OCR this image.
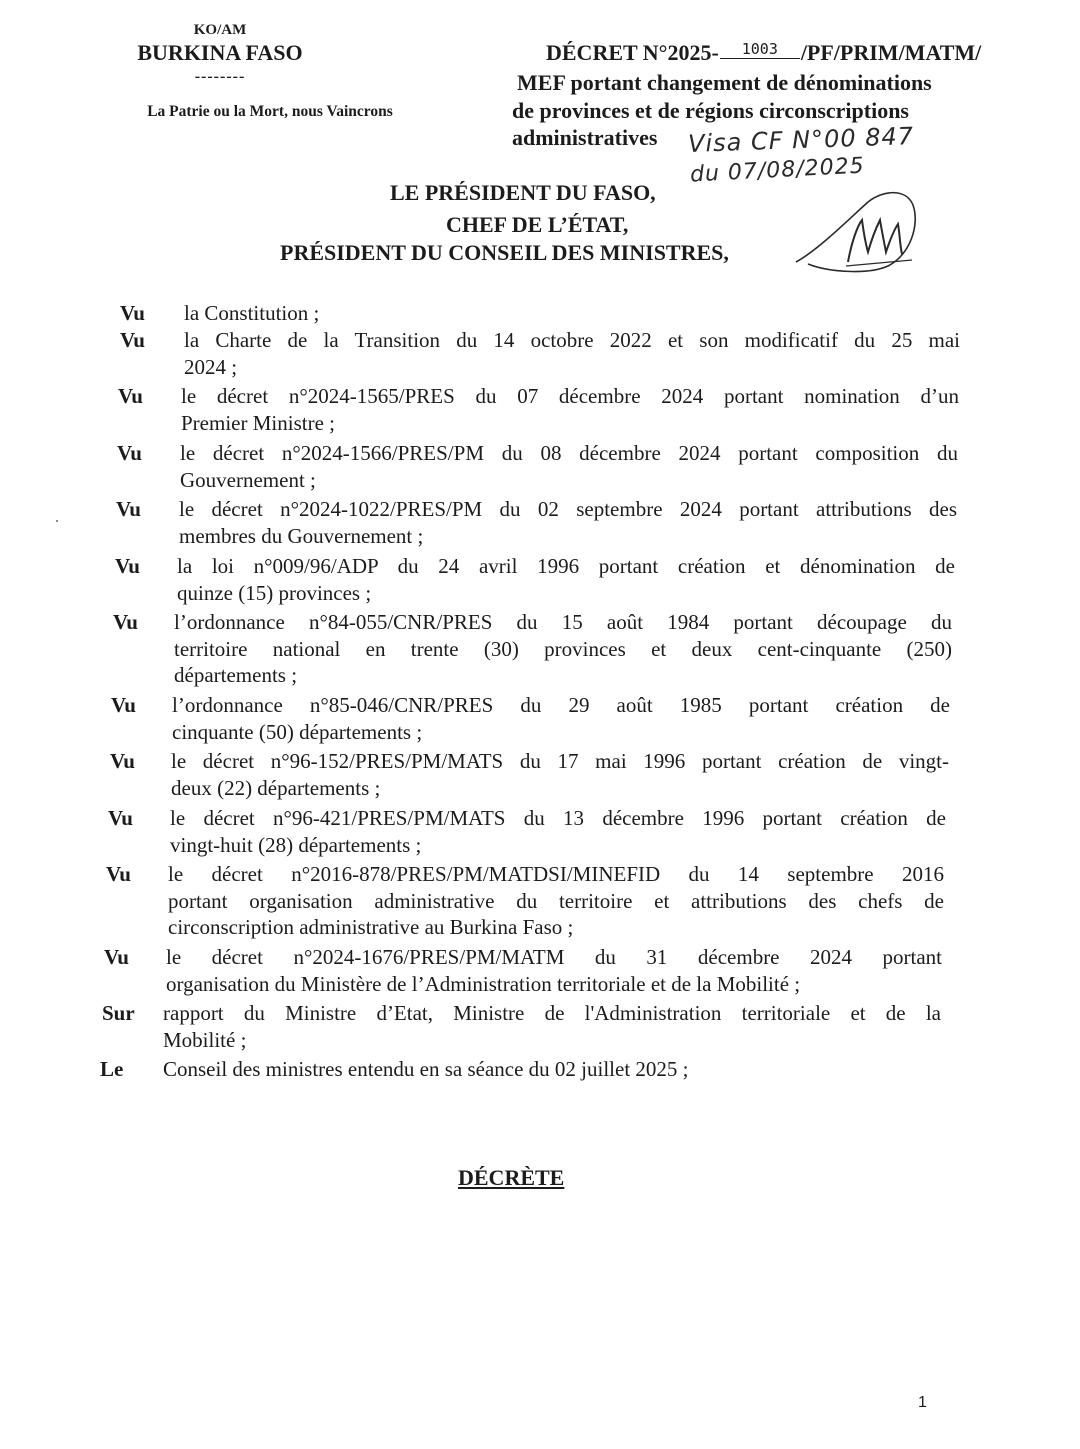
KO/AM
BURKINA FASO
--------
La Patrie ou la Mort, nous Vaincrons
DÉCRET N°2025- 1003 /PF/PRIM/MATM/
MEF portant changement de dénominations
de provinces et de régions circonscriptions
administratives Visa CF N°00 847
du 07/08/2025
LE PRÉSIDENT DU FASO,
CHEF DE L’ÉTAT,
PRÉSIDENT DU CONSEIL DES MINISTRES,
Vu la Constitution ;
Vu la Charte de la Transition du 14 octobre 2022 et son modificatif du 25 mai
2024 ;
Vu le décret n°2024-1565/PRES du 07 décembre 2024 portant nomination d’un
Premier Ministre ;
Vu le décret n°2024-1566/PRES/PM du 08 décembre 2024 portant composition du
Gouvernement ;
Vu le décret n°2024-1022/PRES/PM du 02 septembre 2024 portant attributions des
membres du Gouvernement ;
Vu la loi n°009/96/ADP du 24 avril 1996 portant création et dénomination de
quinze (15) provinces ;
Vu l’ordonnance n°84-055/CNR/PRES du 15 août 1984 portant découpage du
territoire national en trente (30) provinces et deux cent-cinquante (250)
départements ;
Vu l’ordonnance n°85-046/CNR/PRES du 29 août 1985 portant création de
cinquante (50) départements ;
Vu le décret n°96-152/PRES/PM/MATS du 17 mai 1996 portant création de vingt-
deux (22) départements ;
Vu le décret n°96-421/PRES/PM/MATS du 13 décembre 1996 portant création de
vingt-huit (28) départements ;
Vu le décret n°2016-878/PRES/PM/MATDSI/MINEFID du 14 septembre 2016
portant organisation administrative du territoire et attributions des chefs de
circonscription administrative au Burkina Faso ;
Vu le décret n°2024-1676/PRES/PM/MATM du 31 décembre 2024 portant
organisation du Ministère de l’Administration territoriale et de la Mobilité ;
Sur rapport du Ministre d’Etat, Ministre de l'Administration territoriale et de la
Mobilité ;
Le Conseil des ministres entendu en sa séance du 02 juillet 2025 ;
DÉCRÈTE
1
